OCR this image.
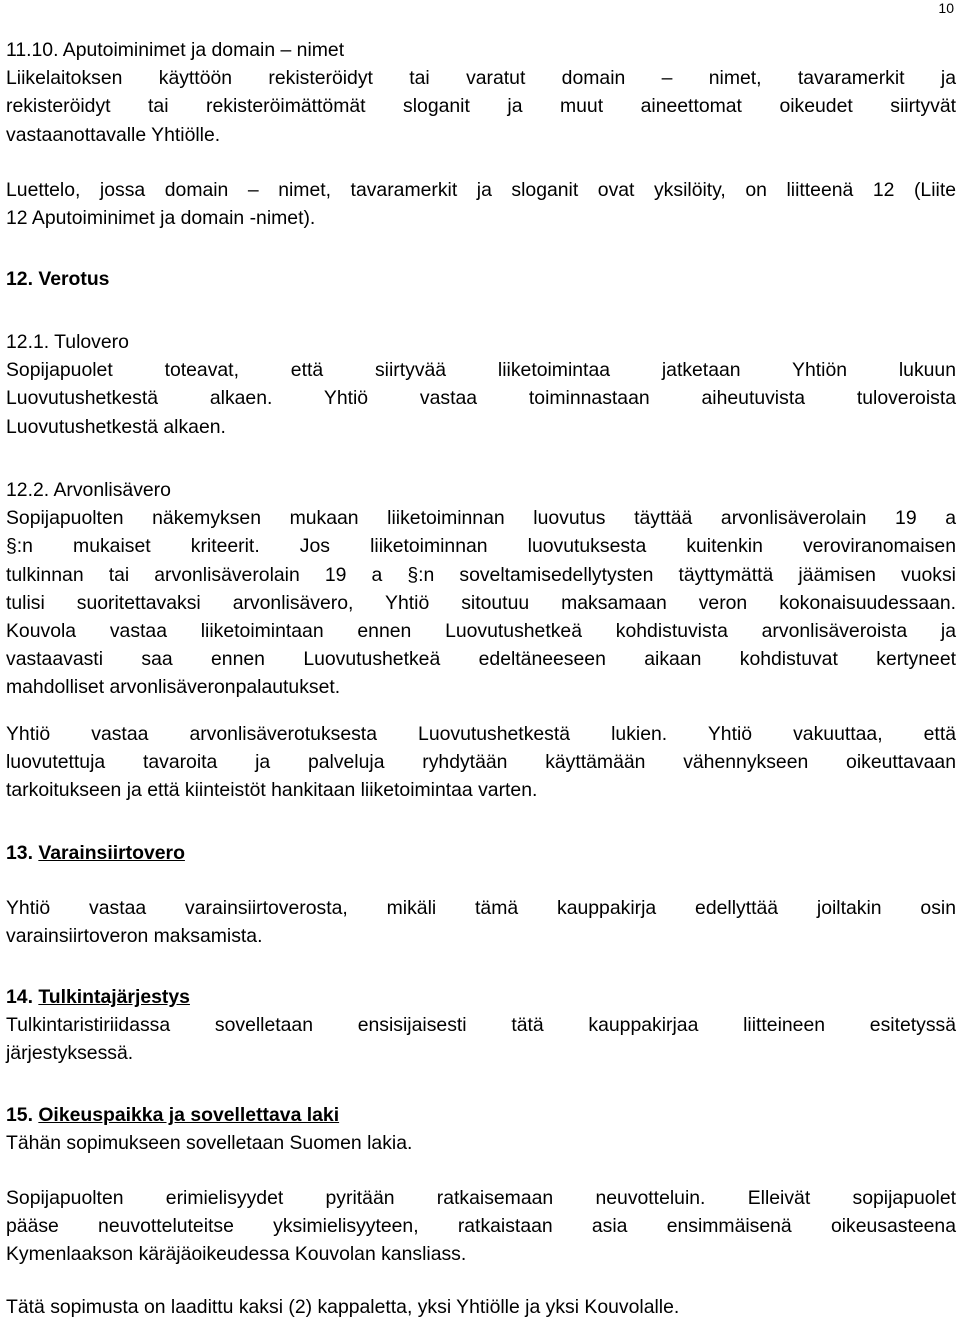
10

11.10. Aputoiminimet ja domain – nimet

Liikelaitoksen käyttöön rekisteröidyt tai varatut domain – nimet, tavaramerkit ja

rekisteröidyt tai rekisteröimättömät sloganit ja muut aineettomat oikeudet siirtyvät

vastaanottavalle Yhtiölle.

Luettelo, jossa domain – nimet, tavaramerkit ja sloganit ovat yksilöity, on liitteenä 12 (Liite

12 Aputoiminimet ja domain -nimet).

12. Verotus

12.1. Tulovero

Sopijapuolet toteavat, että siirtyvää liiketoimintaa jatketaan Yhtiön lukuun

Luovutushetkestä alkaen. Yhtiö vastaa toiminnastaan aiheutuvista tuloveroista

Luovutushetkestä alkaen.

12.2. Arvonlisävero

Sopijapuolten näkemyksen mukaan liiketoiminnan luovutus täyttää arvonlisäverolain 19 a

§:n mukaiset kriteerit. Jos liiketoiminnan luovutuksesta kuitenkin veroviranomaisen

tulkinnan tai arvonlisäverolain 19 a §:n soveltamisedellytysten täyttymättä jäämisen vuoksi

tulisi suoritettavaksi arvonlisävero, Yhtiö sitoutuu maksamaan veron kokonaisuudessaan.

Kouvola vastaa liiketoimintaan ennen Luovutushetkeä kohdistuvista arvonlisäveroista ja

vastaavasti saa ennen Luovutushetkeä edeltäneeseen aikaan kohdistuvat kertyneet

mahdolliset arvonlisäveronpalautukset.

Yhtiö vastaa arvonlisäverotuksesta Luovutushetkestä lukien. Yhtiö vakuuttaa, että

luovutettuja tavaroita ja palveluja ryhdytään käyttämään vähennykseen oikeuttavaan

tarkoitukseen ja että kiinteistöt hankitaan liiketoimintaa varten.

13. Varainsiirtovero

Yhtiö vastaa varainsiirtoverosta, mikäli tämä kauppakirja edellyttää joiltakin osin

varainsiirtoveron maksamista.

14. Tulkintajärjestys

Tulkintaristiriidassa sovelletaan ensisijaisesti tätä kauppakirjaa liitteineen esitetyssä

järjestyksessä.

15. Oikeuspaikka ja sovellettava laki

Tähän sopimukseen sovelletaan Suomen lakia.

Sopijapuolten erimielisyydet pyritään ratkaisemaan neuvotteluin. Elleivät sopijapuolet

pääse neuvotteluteitse yksimielisyyteen, ratkaistaan asia ensimmäisenä oikeusasteena

Kymenlaakson käräjäoikeudessa Kouvolan kansliass.

Tätä sopimusta on laadittu kaksi (2) kappaletta, yksi Yhtiölle ja yksi Kouvolalle.
